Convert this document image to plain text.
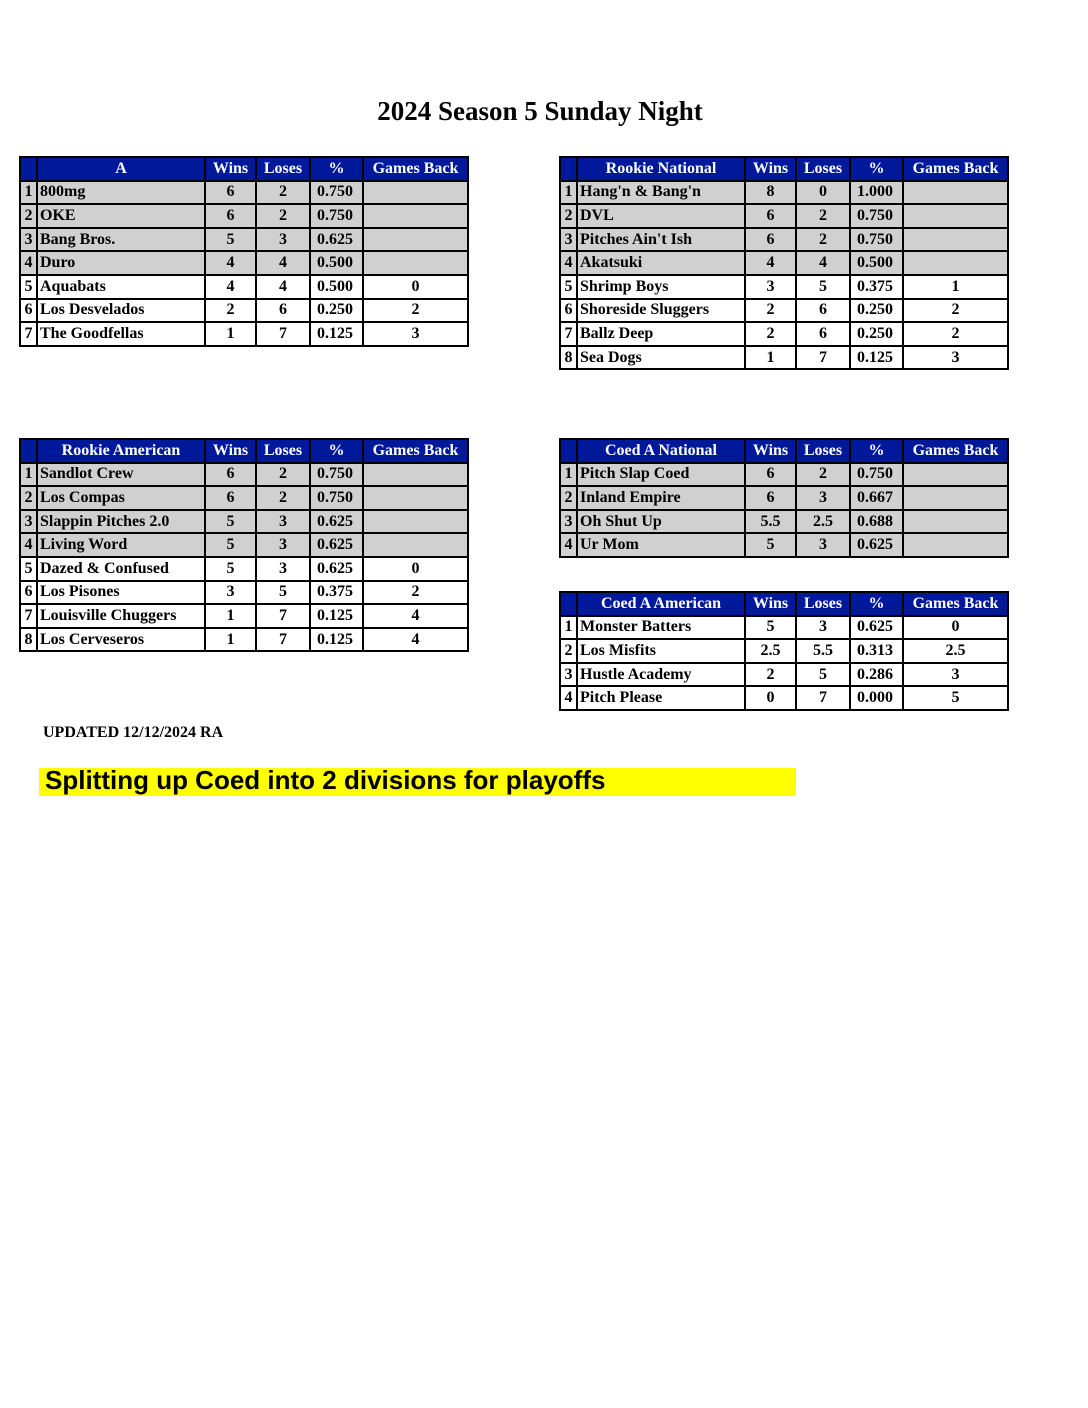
2024 Season 5 Sunday Night
	A	Wins	Loses	%	Games Back
1	800mg	6	2	0.750	
2	OKE	6	2	0.750	
3	Bang Bros.	5	3	0.625	
4	Duro	4	4	0.500	
5	Aquabats	4	4	0.500	0
6	Los Desvelados	2	6	0.250	2
7	The Goodfellas	1	7	0.125	3
	Rookie National	Wins	Loses	%	Games Back
1	Hang'n & Bang'n	8	0	1.000	
2	DVL	6	2	0.750	
3	Pitches Ain't Ish	6	2	0.750	
4	Akatsuki	4	4	0.500	
5	Shrimp Boys	3	5	0.375	1
6	Shoreside Sluggers	2	6	0.250	2
7	Ballz Deep	2	6	0.250	2
8	Sea Dogs	1	7	0.125	3
	Rookie American	Wins	Loses	%	Games Back
1	Sandlot Crew	6	2	0.750	
2	Los Compas	6	2	0.750	
3	Slappin Pitches 2.0	5	3	0.625	
4	Living Word	5	3	0.625	
5	Dazed & Confused	5	3	0.625	0
6	Los Pisones	3	5	0.375	2
7	Louisville Chuggers	1	7	0.125	4
8	Los Cerveseros	1	7	0.125	4
	Coed A National	Wins	Loses	%	Games Back
1	Pitch Slap Coed	6	2	0.750	
2	Inland Empire	6	3	0.667	
3	Oh Shut Up	5.5	2.5	0.688	
4	Ur Mom	5	3	0.625	
	Coed A American	Wins	Loses	%	Games Back
1	Monster Batters	5	3	0.625	0
2	Los Misfits	2.5	5.5	0.313	2.5
3	Hustle Academy	2	5	0.286	3
4	Pitch Please	0	7	0.000	5
UPDATED 12/12/2024 RA
Splitting up Coed into 2 divisions for playoffs
